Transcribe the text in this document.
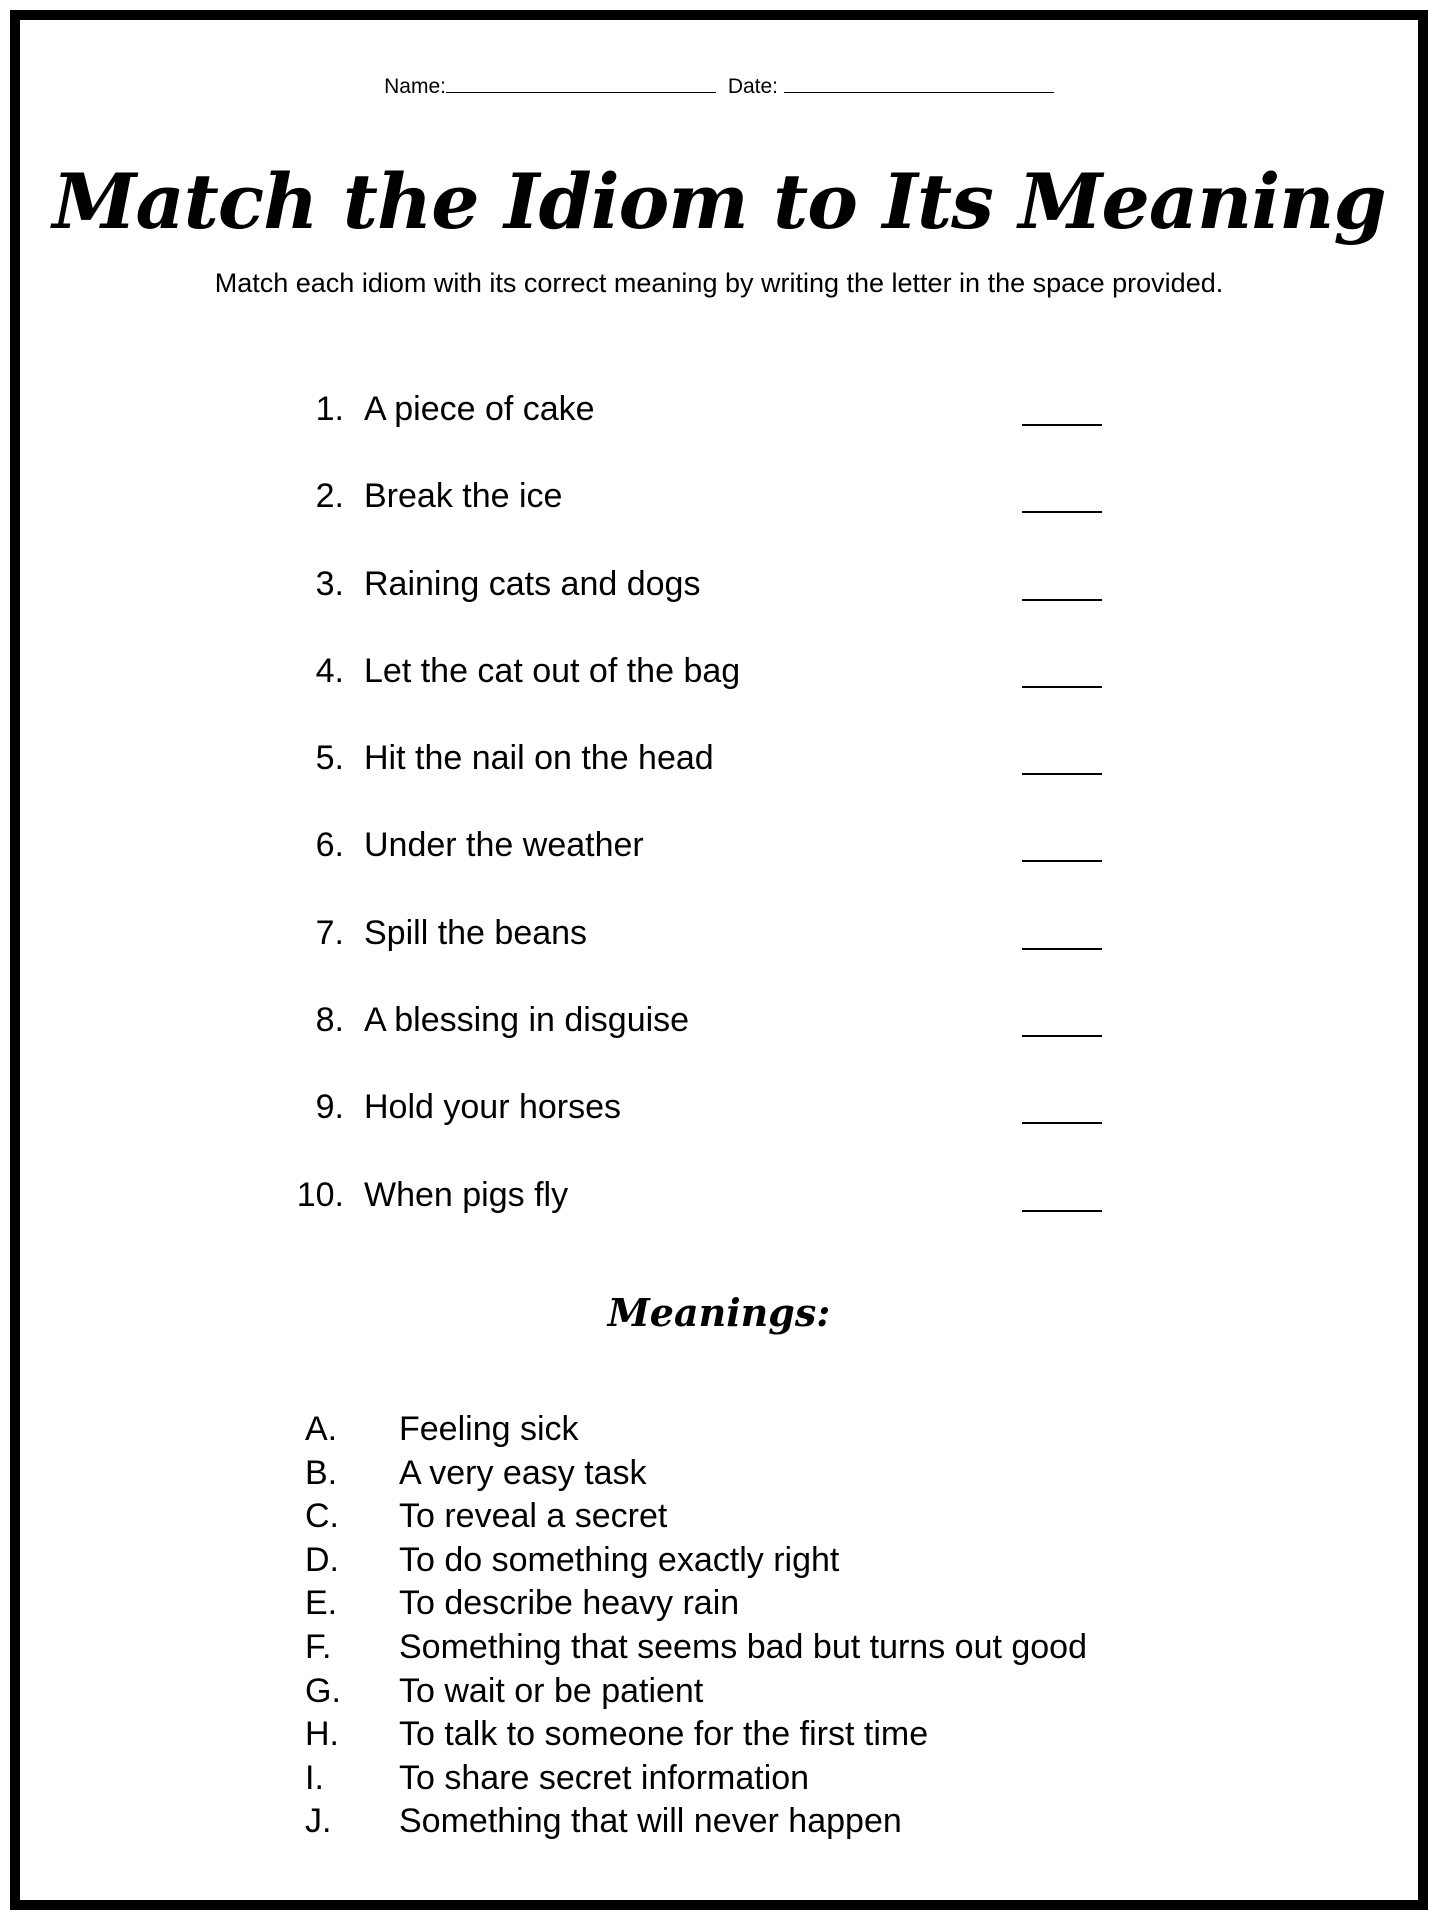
Name:	Date:
Match the Idiom to Its Meaning

Match each idiom with its correct meaning by writing the letter in the space provided.

1. A piece of cake
2. Break the ice
3. Raining cats and dogs
4. Let the cat out of the bag
5. Hit the nail on the head
6. Under the weather
7. Spill the beans
8. A blessing in disguise
9. Hold your horses
10. When pigs fly
Meanings:
A. Feeling sick
B. A very easy task
C. To reveal a secret
D. To do something exactly right
E. To describe heavy rain
F. Something that seems bad but turns out good
G. To wait or be patient
H. To talk to someone for the first time
I. To share secret information
J. Something that will never happen
